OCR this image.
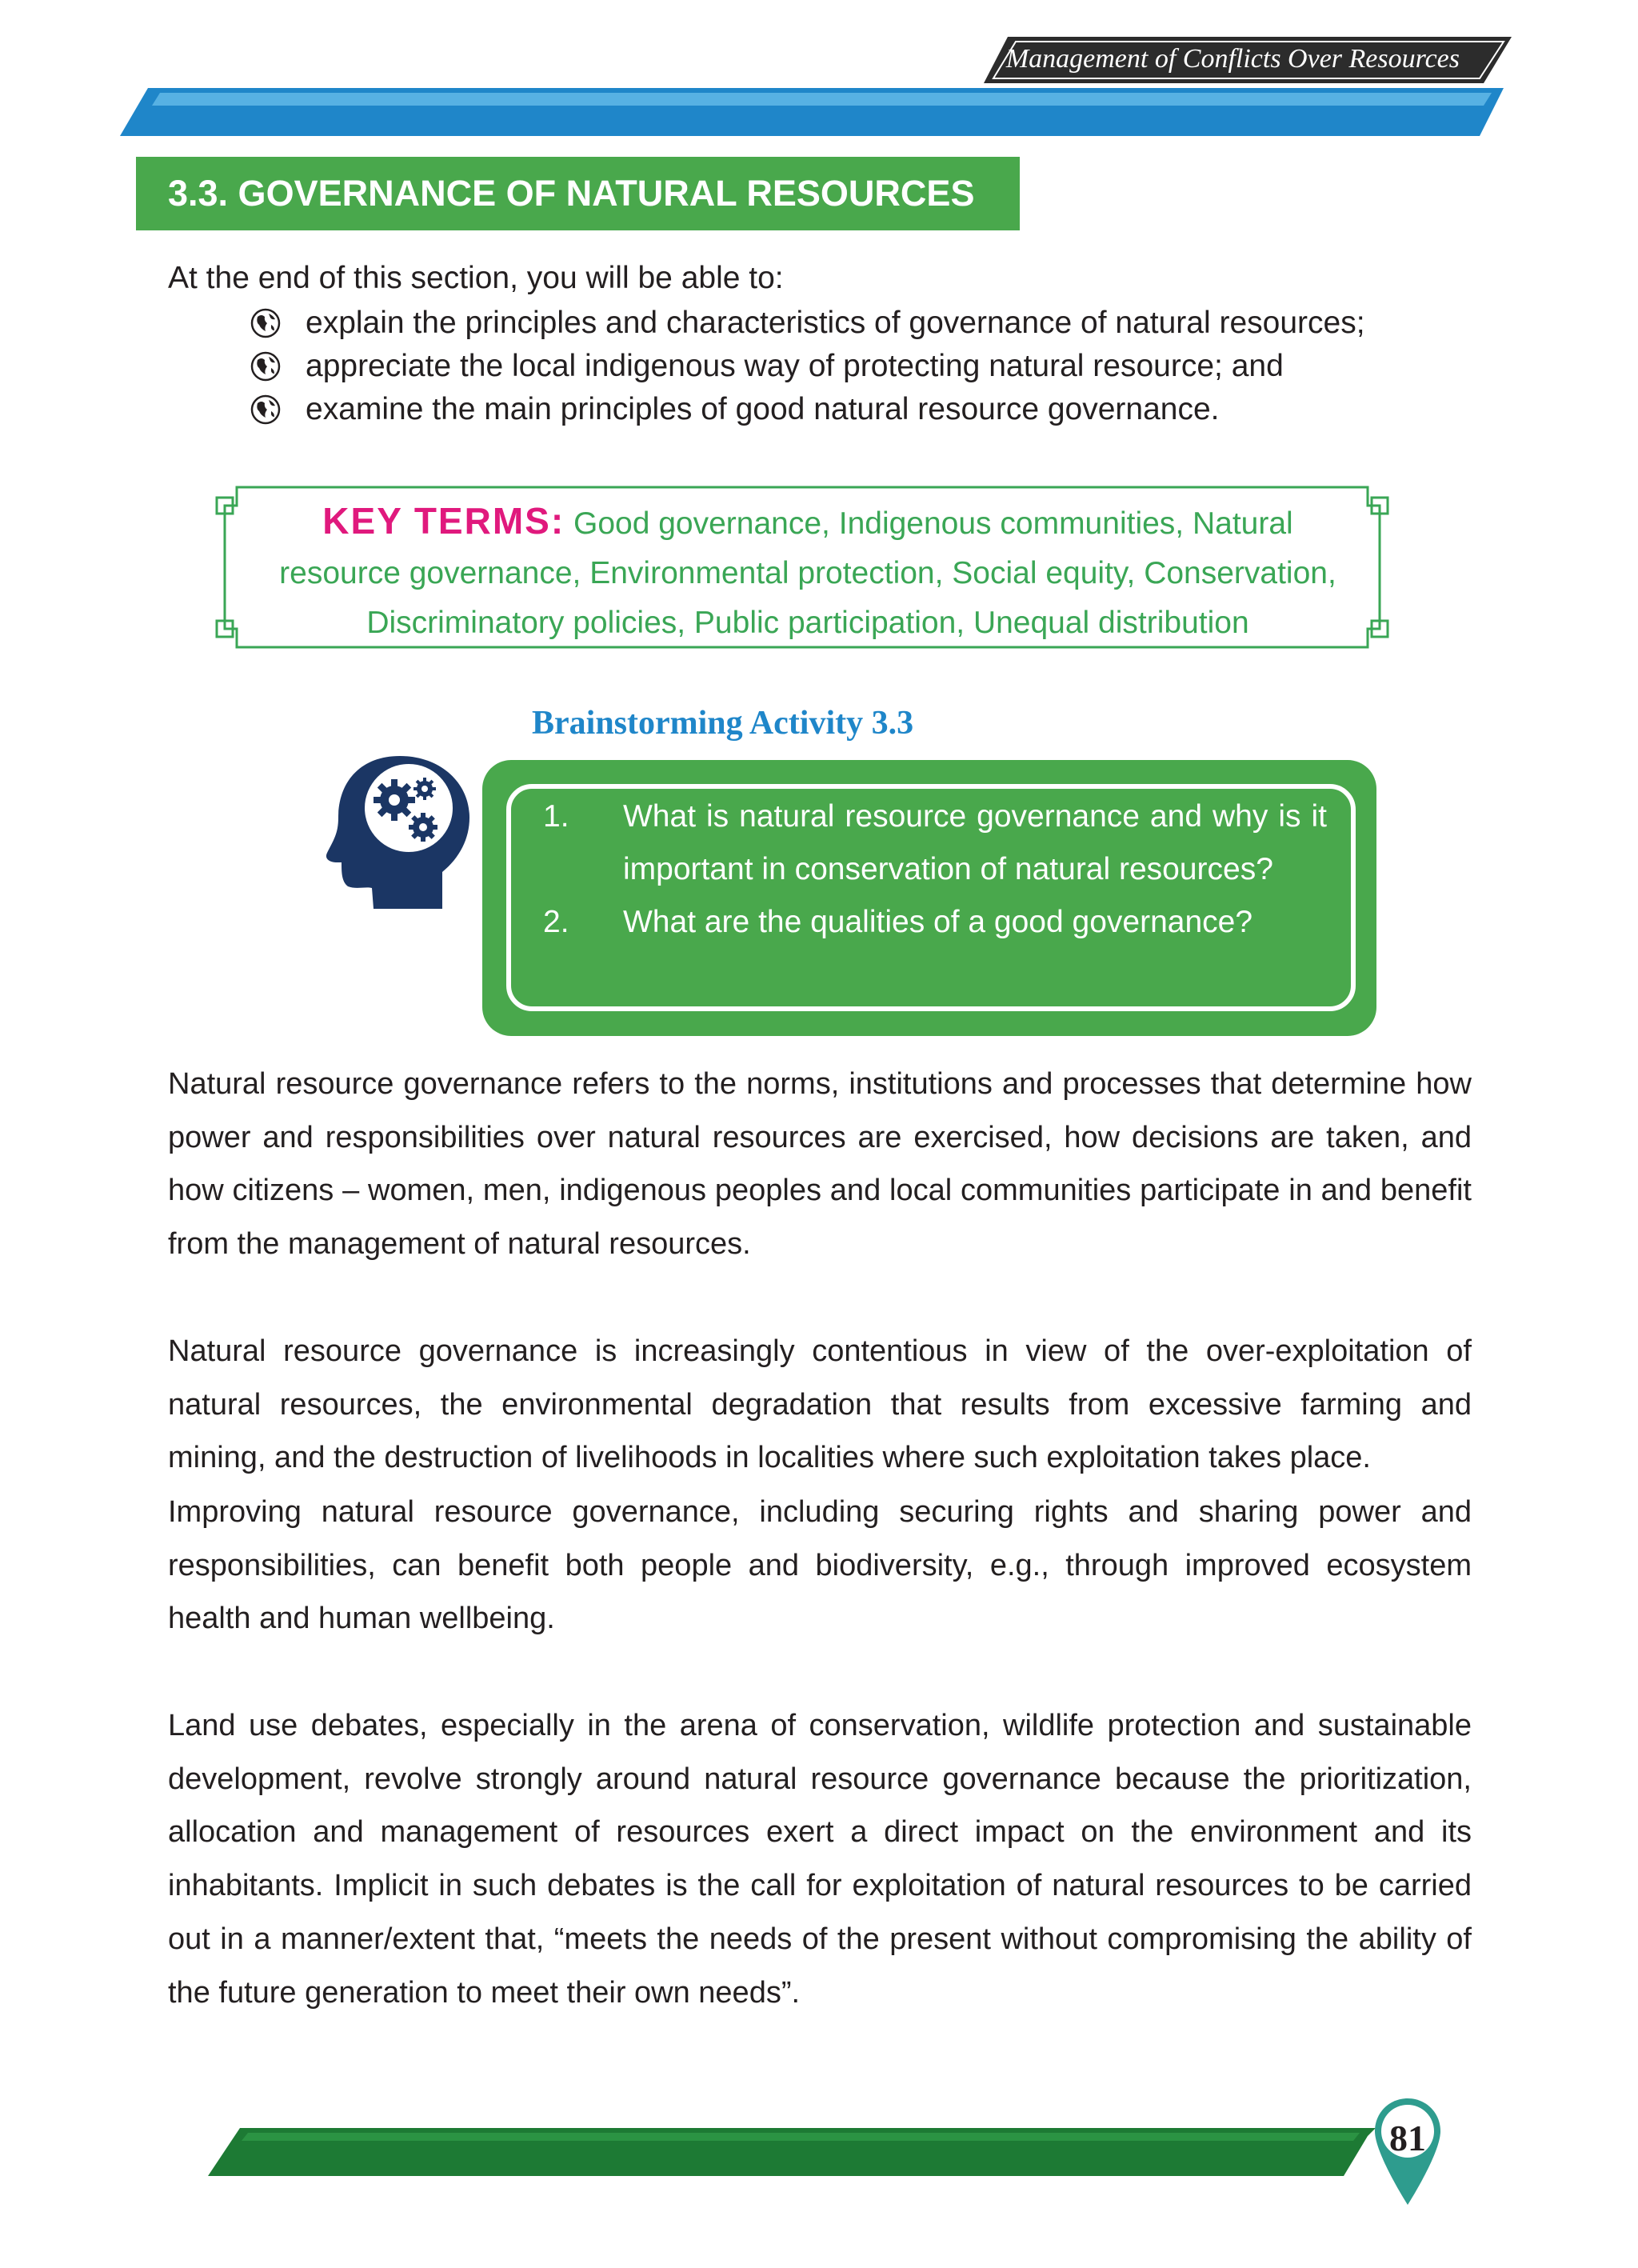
Management of Conflicts Over Resources
3.3. GOVERNANCE OF NATURAL RESOURCES
At the end of this section, you will be able to:
explain the principles and characteristics of governance of natural resources;
appreciate the local indigenous way of protecting natural resource; and
examine the main principles of good natural resource governance.
KEY TERMS: Good governance, Indigenous communities, Natural resource governance, Environmental protection, Social equity, Conservation, Discriminatory policies, Public participation, Unequal distribution
Brainstorming Activity 3.3
1.	What is natural resource governance and why is it important in conservation of natural resources?
2.	What are the qualities of a good governance?
Natural resource governance refers to the norms, institutions and processes that determine how power and responsibilities over natural resources are exercised, how decisions are taken, and how citizens – women, men, indigenous peoples and local communities participate in and benefit from the management of natural resources.
Natural resource governance is increasingly contentious in view of the over-exploitation of natural resources, the environmental degradation that results from excessive farming and mining, and the destruction of livelihoods in localities where such exploitation takes place.
Improving natural resource governance, including securing rights and sharing power and responsibilities, can benefit both people and biodiversity, e.g., through improved ecosystem health and human wellbeing.
Land use debates, especially in the arena of conservation, wildlife protection and sustainable development, revolve strongly around natural resource governance because the prioritization, allocation and management of resources exert a direct impact on the environment and its inhabitants. Implicit in such debates is the call for exploitation of natural resources to be carried out in a manner/extent that, “meets the needs of the present without compromising the ability of the future generation to meet their own needs”.
81
